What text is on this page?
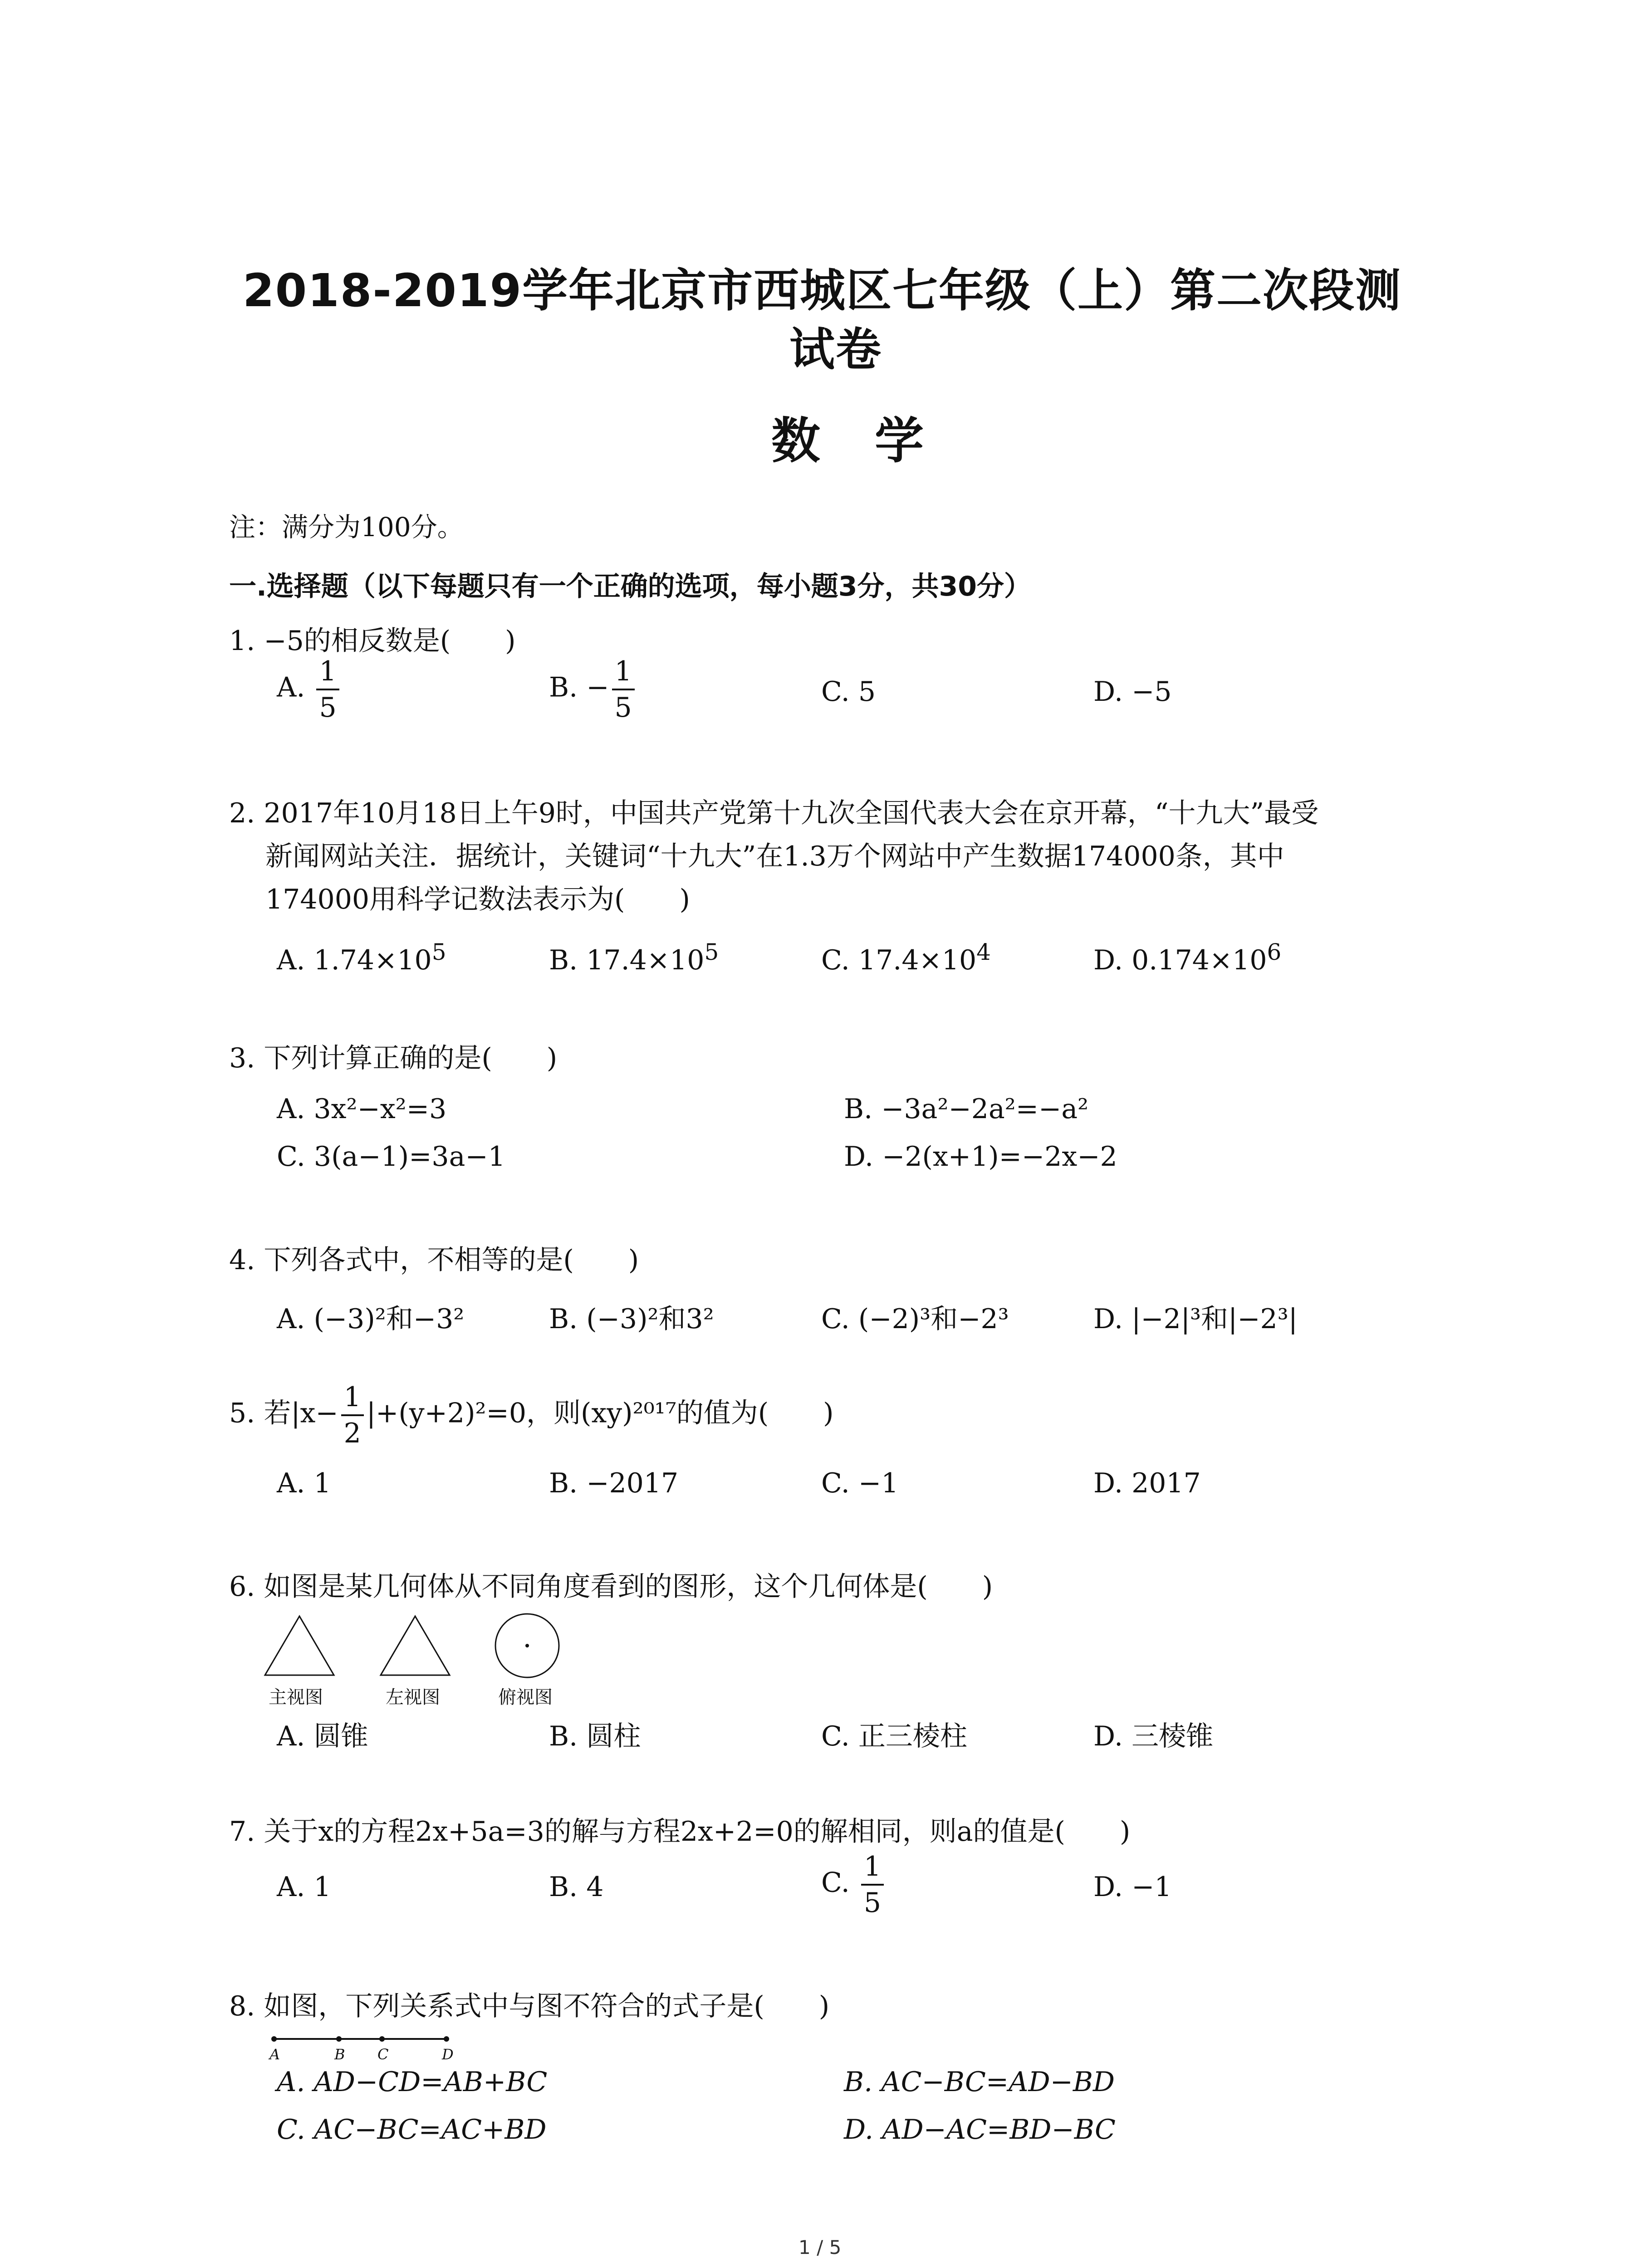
2018-2019学年北京市西城区七年级（上）第二次段测
试卷
数学
注：满分为100分。
一.选择题（以下每题只有一个正确的选项，每小题3分，共30分）
1. −5的相反数是(　　)
A. $\frac{1}{5}$	B. − $\frac{1}{5}$	C. 5	D. −5
2. 2017年10月18日上午9时，中国共产党第十九次全国代表大会在京开幕，“十九大”最受
新闻网站关注．据统计，关键词“十九大”在1.3万个网站中产生数据174000条，其中
174000用科学记数法表示为(　　)
A. $1.74\times 10^5$	B. $17.4\times 10^5$	C. $17.4\times 10^4$	D. $0.174\times 10^6$
3. 下列计算正确的是(　　)
A. 3x²−x²=3	B. −3a²−2a²=−a²
C. 3(a−1)=3a−1	D. −2(x+1)=−2x−2
4. 下列各式中，不相等的是(　　)
A. (−3)²和−3²	B. (−3)²和3²	C. (−2)³和−2³	D. |−2|³和|−2³|
5. 若$|x- \frac{1}{2} |+(y+2)^2=0$，则(xy)²⁰¹⁷的值为(　　)
A. 1	B. −2017	C. −1	D. 2017
6. 如图是某几何体从不同角度看到的图形，这个几何体是(　　)
主视图	左视图	俯视图
A. 圆锥	B. 圆柱	C. 正三棱柱	D. 三棱锥
7. 关于x的方程2x+5a=3的解与方程2x+2=0的解相同，则a的值是(　　)
A. 1	B. 4	C. $\frac{1}{5}$	D. −1
8. 如图，下列关系式中与图不符合的式子是(　　)
A	B C	D
A. AD−CD=AB+BC	B. AC−BC=AD−BD
C. AC−BC=AC+BD	D. AD−AC=BD−BC
1 / 5
